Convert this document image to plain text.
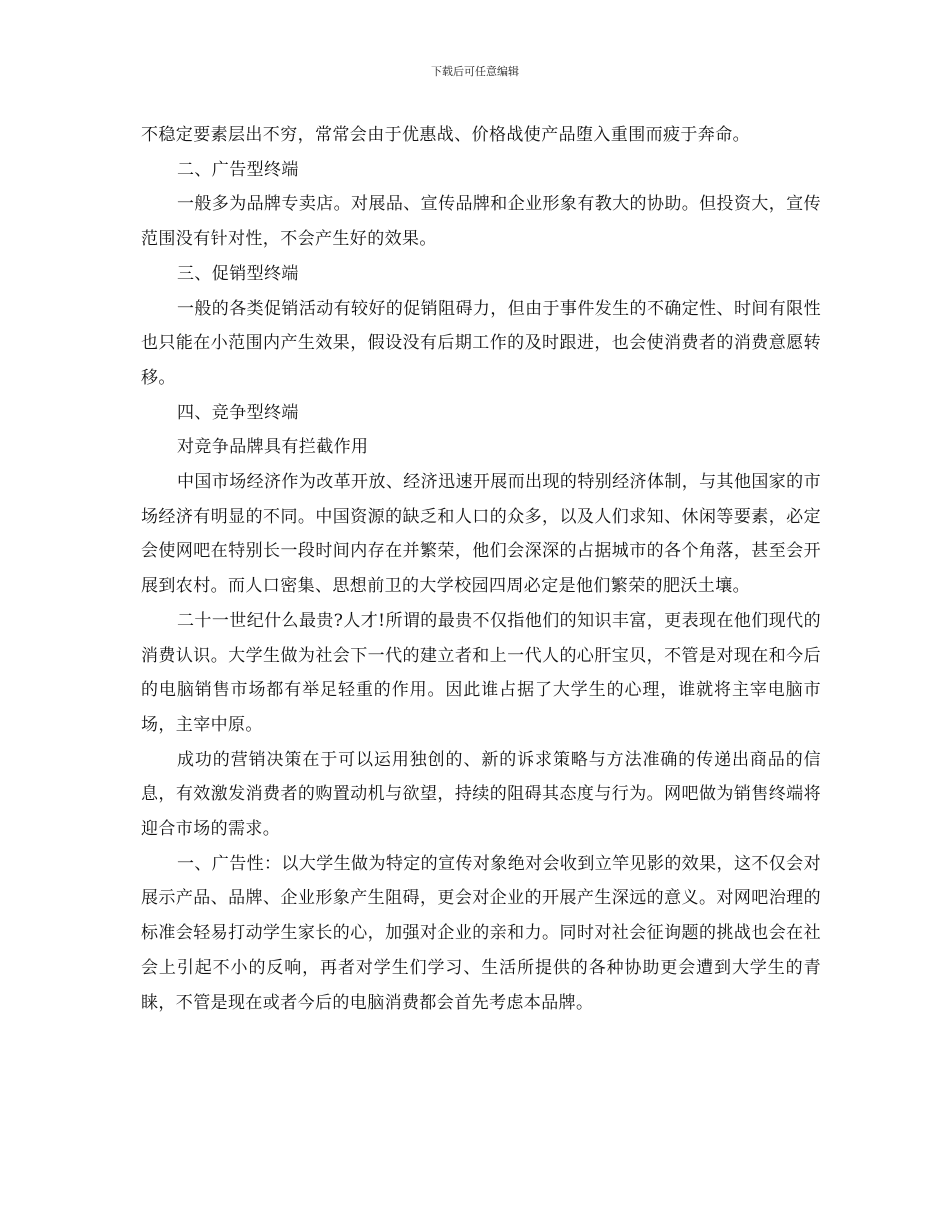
下载后可任意编辑

不稳定要素层出不穷，常常会由于优惠战、价格战使产品堕入重围而疲于奔命。

二、广告型终端

一般多为品牌专卖店。对展品、宣传品牌和企业形象有教大的协助。但投资大，宣传范围没有针对性，不会产生好的效果。

三、促销型终端

一般的各类促销活动有较好的促销阻碍力，但由于事件发生的不确定性、时间有限性也只能在小范围内产生效果，假设没有后期工作的及时跟进，也会使消费者的消费意愿转移。

四、竞争型终端

对竞争品牌具有拦截作用

中国市场经济作为改革开放、经济迅速开展而出现的特别经济体制，与其他国家的市场经济有明显的不同。中国资源的缺乏和人口的众多，以及人们求知、休闲等要素，必定会使网吧在特别长一段时间内存在并繁荣，他们会深深的占据城市的各个角落，甚至会开展到农村。而人口密集、思想前卫的大学校园四周必定是他们繁荣的肥沃土壤。

二十一世纪什么最贵?人才!所谓的最贵不仅指他们的知识丰富，更表现在他们现代的消费认识。大学生做为社会下一代的建立者和上一代人的心肝宝贝，不管是对现在和今后的电脑销售市场都有举足轻重的作用。因此谁占据了大学生的心理，谁就将主宰电脑市场，主宰中原。

成功的营销决策在于可以运用独创的、新的诉求策略与方法准确的传递出商品的信息，有效激发消费者的购置动机与欲望，持续的阻碍其态度与行为。网吧做为销售终端将迎合市场的需求。

一、广告性：以大学生做为特定的宣传对象绝对会收到立竿见影的效果，这不仅会对展示产品、品牌、企业形象产生阻碍，更会对企业的开展产生深远的意义。对网吧治理的标准会轻易打动学生家长的心，加强对企业的亲和力。同时对社会征询题的挑战也会在社会上引起不小的反响，再者对学生们学习、生活所提供的各种协助更会遭到大学生的青睐，不管是现在或者今后的电脑消费都会首先考虑本品牌。
